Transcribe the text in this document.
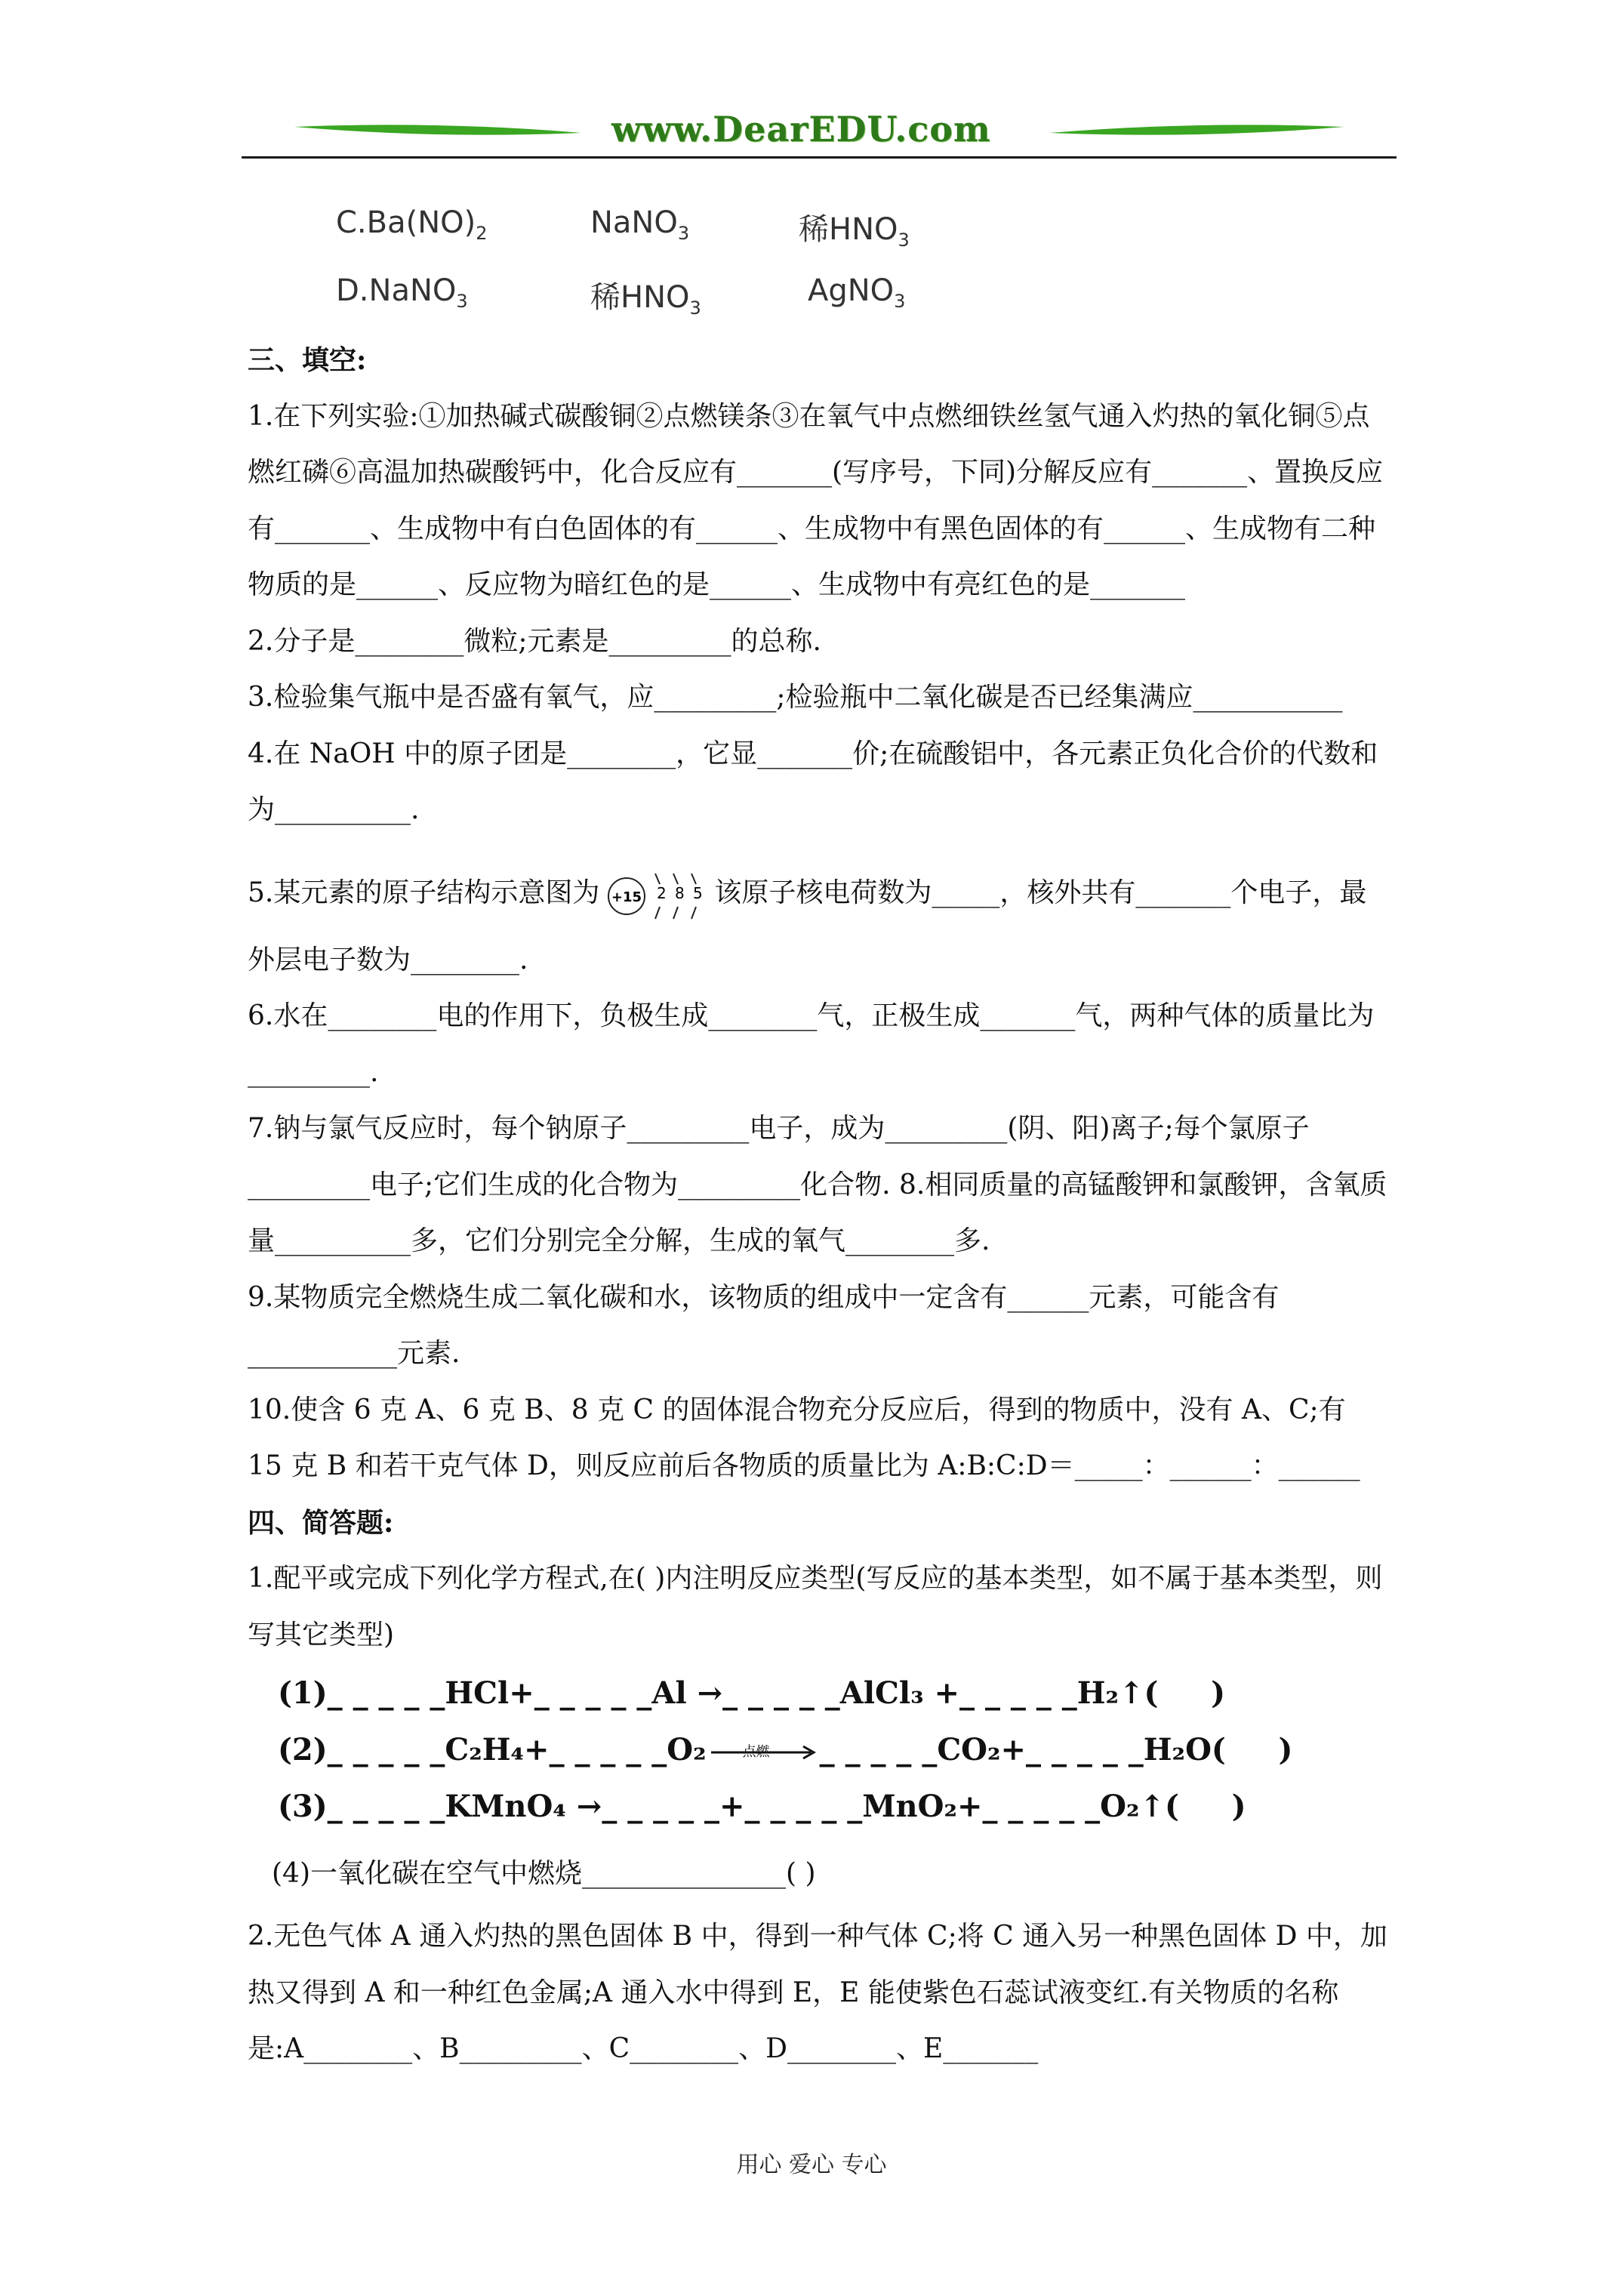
www.DearEDU.com
$C.Ba(NO)_2$	NaNO$_3$	稀$HNO_3$
D.NaNO$_3$	稀$HNO_3$	AgNO$_3$

三、填空:

1.在下列实验:①加热碱式碳酸铜②点燃镁条③在氧气中点燃细铁丝氢气通入灼热的氧化铜⑤点燃红磷⑥高温加热碳酸钙中，化合反应有_______(写序号，下同)分解反应有_______、置换反应有_______、生成物中有白色固体的有______、生成物中有黑色固体的有______、生成物有二种物质的是______、反应物为暗红色的是______、生成物中有亮红色的是_______

2.分子是________微粒;元素是_________的总称.

3.检验集气瓶中是否盛有氧气，应_________;检验瓶中二氧化碳是否已经集满应___________

4.在 NaOH 中的原子团是________，它显_______价;在硫酸铝中，各元素正负化合价的代数和为__________.

5.某元素的原子结构示意图为 +15 2 8 5 该原子核电荷数为_____，核外共有_______个电子，最外层电子数为________.

6.水在________电的作用下，负极生成________气，正极生成_______气，两种气体的质量比为_________.

7.钠与氯气反应时，每个钠原子_________电子，成为_________(阴、阳)离子;每个氯原子_________电子;它们生成的化合物为_________化合物. 8.相同质量的高锰酸钾和氯酸钾，含氧质量__________多，它们分别完全分解，生成的氧气________多.

9.某物质完全燃烧生成二氧化碳和水，该物质的组成中一定含有______元素，可能含有___________元素.

10.使含 6 克 A、6 克 B、8 克 C 的固体混合物充分反应后，得到的物质中，没有 A、C;有 15 克 B 和若干克气体 D，则反应前后各物质的质量比为 A:B:C:D＝_____：______：______

四、简答题:

1.配平或完成下列化学方程式,在( )内注明反应类型(写反应的基本类型，如不属于基本类型，则写其它类型)

(1)_ _ _ _ _HCl+_ _ _ _ _Al →_ _ _ _ _AlCl₃ +_ _ _ _ _H₂↑(     )
(2)_ _ _ _ _C₂H₄+_ _ _ _ _O₂	点燃 _ _ _ _ _CO₂+_ _ _ _ _H₂O(     )
(3)_ _ _ _ _KMnO₄ →_ _ _ _ _+_ _ _ _ _MnO₂+_ _ _ _ _O₂↑(     )
(4)一氧化碳在空气中燃烧_______________( )

2.无色气体 A 通入灼热的黑色固体 B 中，得到一种气体 C;将 C 通入另一种黑色固体 D 中，加热又得到 A 和一种红色金属;A 通入水中得到 E，E 能使紫色石蕊试液变红.有关物质的名称是:A________、B_________、C________、D________、E_______

用心 爱心 专心
